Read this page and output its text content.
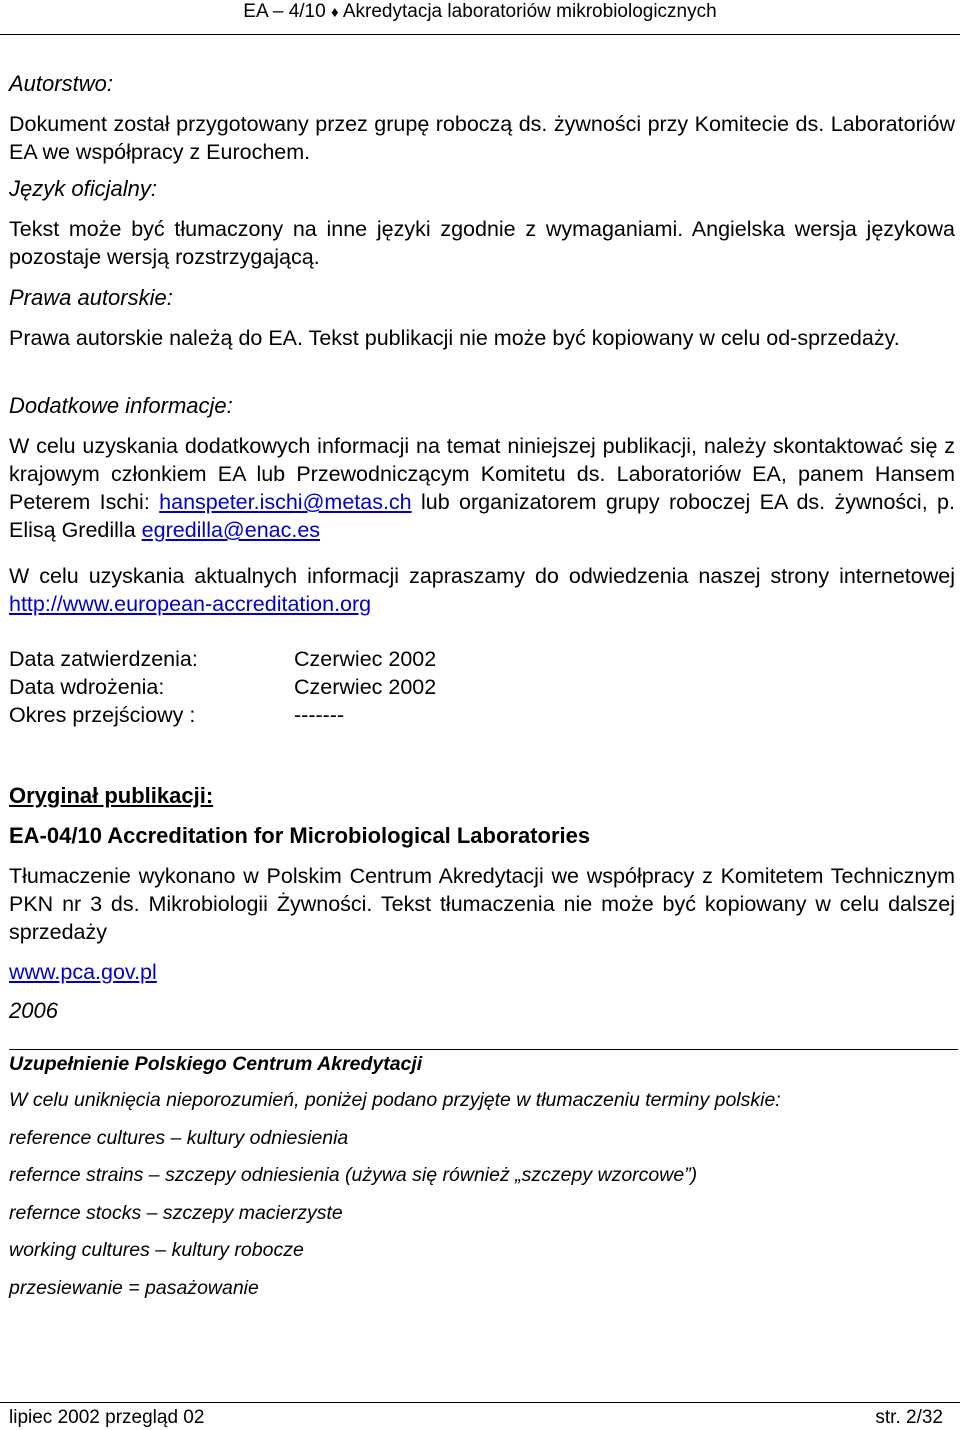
EA – 4/10 ♦ Akredytacja laboratoriów mikrobiologicznych
Autorstwo:
Dokument został przygotowany przez grupę roboczą ds. żywności przy Komitecie ds. Laboratoriów EA we współpracy z Eurochem.
Język oficjalny:
Tekst może być tłumaczony na inne języki zgodnie z wymaganiami. Angielska wersja językowa pozostaje wersją rozstrzygającą.
Prawa autorskie:
Prawa autorskie należą do EA. Tekst publikacji nie może być kopiowany w celu od-sprzedaży.
Dodatkowe informacje:
W celu uzyskania dodatkowych informacji na temat niniejszej publikacji, należy skontaktować się z krajowym członkiem EA lub Przewodniczącym Komitetu ds. Laboratoriów EA, panem Hansem Peterem Ischi: hanspeter.ischi@metas.ch lub organizatorem grupy roboczej EA ds. żywności, p. Elisą Gredilla egredilla@enac.es
W celu uzyskania aktualnych informacji zapraszamy do odwiedzenia naszej strony internetowej http://www.european-accreditation.org
Data zatwierdzenia:	Czerwiec 2002
Data wdrożenia:	Czerwiec 2002
Okres przejściowy :	-------
Oryginał publikacji:
EA-04/10 Accreditation for Microbiological Laboratories
Tłumaczenie wykonano w Polskim Centrum Akredytacji we współpracy z Komitetem Technicznym PKN nr 3 ds. Mikrobiologii Żywności. Tekst tłumaczenia nie może być kopiowany w celu dalszej sprzedaży
www.pca.gov.pl
2006
Uzupełnienie Polskiego Centrum Akredytacji
W celu uniknięcia nieporozumień, poniżej podano przyjęte w tłumaczeniu terminy polskie:
reference cultures – kultury odniesienia
refernce strains – szczepy odniesienia (używa się również „szczepy wzorcowe”)
refernce stocks – szczepy macierzyste
working cultures – kultury robocze
przesiewanie = pasażowanie
lipiec 2002 przegląd 02	str. 2/32
